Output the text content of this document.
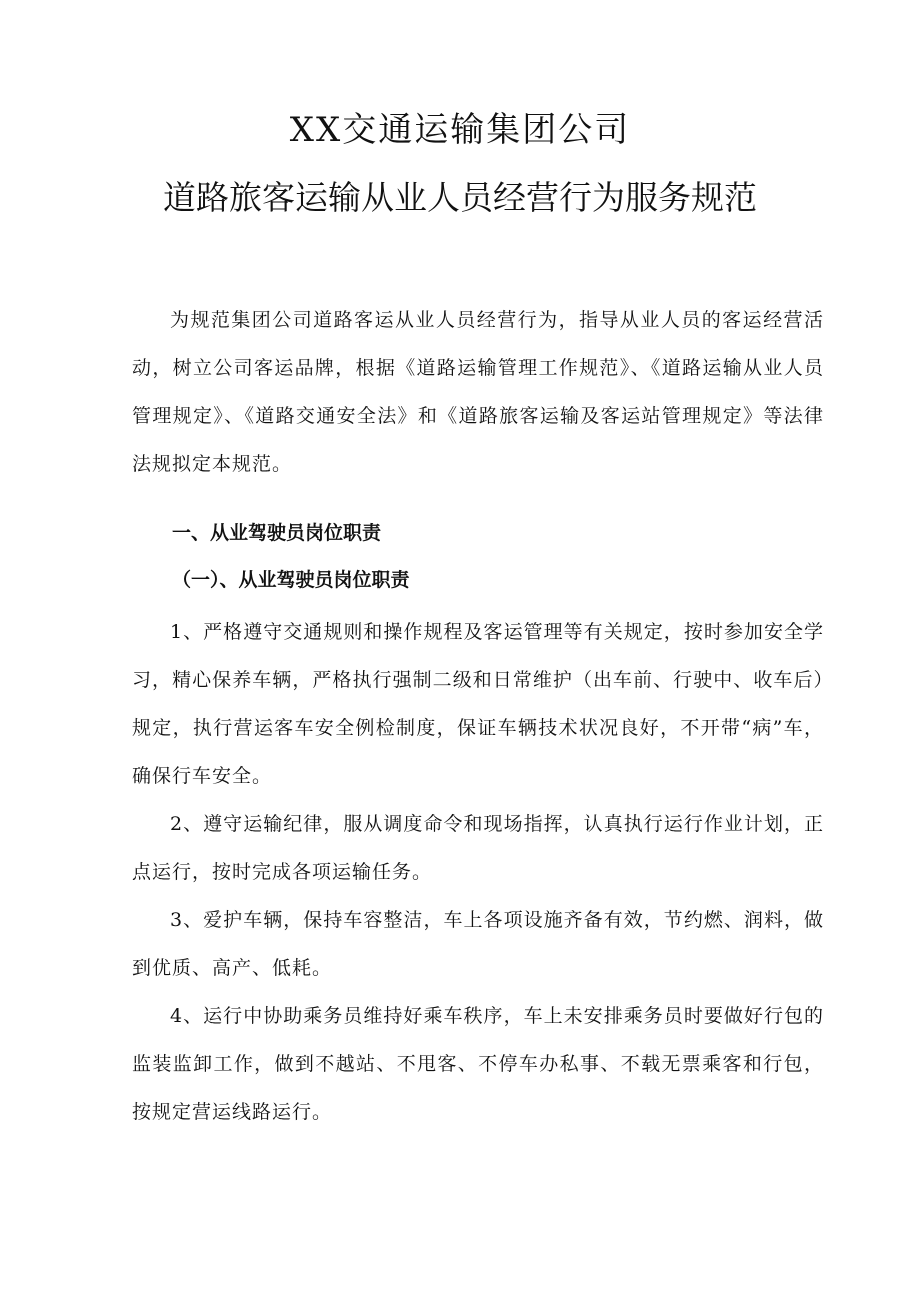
XX交通运输集团公司
道路旅客运输从业人员经营行为服务规范

为规范集团公司道路客运从业人员经营行为，指导从业人员的客运经营活动，树立公司客运品牌，根据《道路运输管理工作规范》、《道路运输从业人员管理规定》、《道路交通安全法》和《道路旅客运输及客运站管理规定》等法律法规拟定本规范。

一、从业驾驶员岗位职责
（一）、从业驾驶员岗位职责

1、严格遵守交通规则和操作规程及客运管理等有关规定，按时参加安全学习，精心保养车辆，严格执行强制二级和日常维护（出车前、行驶中、收车后）规定，执行营运客车安全例检制度，保证车辆技术状况良好，不开带“病”车，确保行车安全。

2、遵守运输纪律，服从调度命令和现场指挥，认真执行运行作业计划，正点运行，按时完成各项运输任务。

3、爱护车辆，保持车容整洁，车上各项设施齐备有效，节约燃、润料，做到优质、高产、低耗。

4、运行中协助乘务员维持好乘车秩序，车上未安排乘务员时要做好行包的监装监卸工作，做到不越站、不甩客、不停车办私事、不载无票乘客和行包，按规定营运线路运行。
